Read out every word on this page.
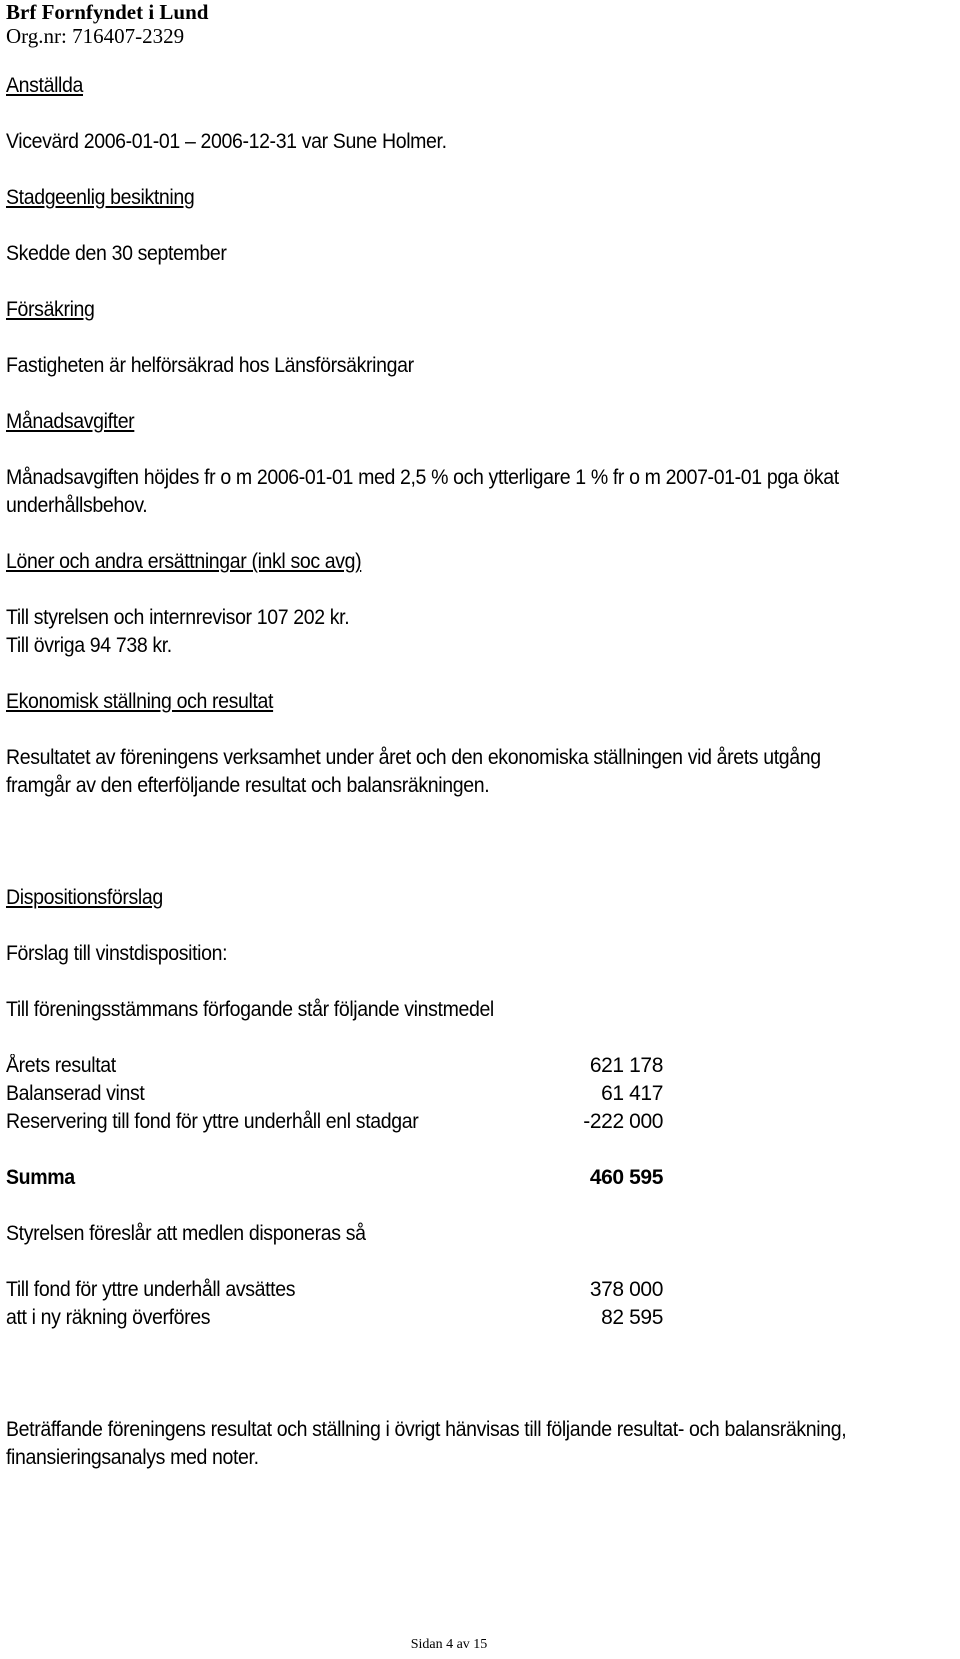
Brf Fornfyndet i Lund
Org.nr: 716407-2329
Anställda
Vicevärd 2006-01-01 – 2006-12-31 var Sune Holmer.
Stadgeenlig besiktning
Skedde den 30 september
Försäkring
Fastigheten är helförsäkrad hos Länsförsäkringar
Månadsavgifter
Månadsavgiften höjdes fr o m 2006-01-01 med 2,5 % och ytterligare 1 % fr o m 2007-01-01 pga ökat
underhållsbehov.
Löner och andra ersättningar (inkl soc avg)
Till styrelsen och internrevisor 107 202 kr.
Till övriga 94 738 kr.
Ekonomisk ställning och resultat
Resultatet av föreningens verksamhet under året och den ekonomiska ställningen vid årets utgång
framgår av den efterföljande resultat och balansräkningen.
Dispositionsförslag
Förslag till vinstdisposition:
Till föreningsstämmans förfogande står följande vinstmedel
Årets resultat	621 178
Balanserad vinst	61 417
Reservering till fond för yttre underhåll enl stadgar	-222 000
Summa	460 595
Styrelsen föreslår att medlen disponeras så
Till fond för yttre underhåll avsättes	378 000
att i ny räkning överföres	82 595
Beträffande föreningens resultat och ställning i övrigt hänvisas till följande resultat- och balansräkning,
finansieringsanalys med noter.
Sidan 4 av 15
